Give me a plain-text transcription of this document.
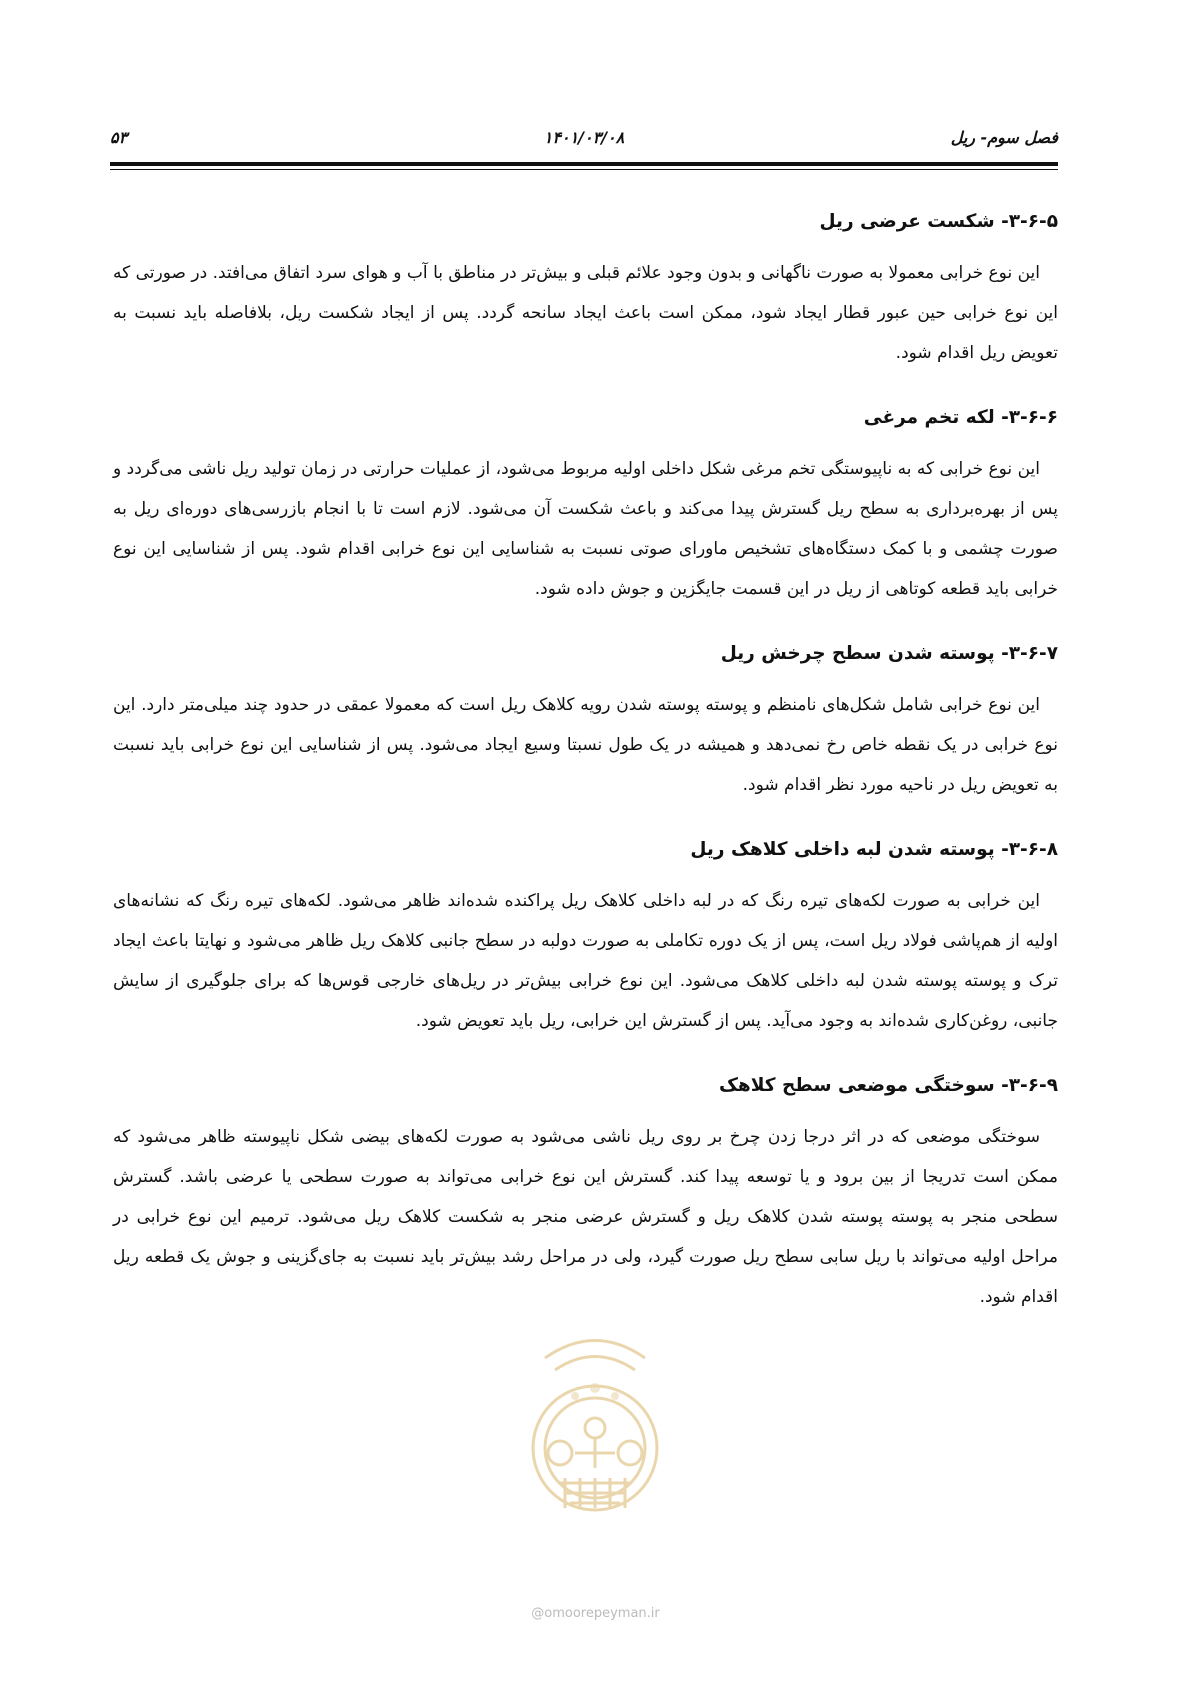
فصل سوم- ریل
۱۴۰۱/۰۳/۰۸
۵۳
۳-۶-۵- شکست عرضی ریل

این نوع خرابی معمولا به صورت ناگهانی و بدون وجود علائم قبلی و بیش‌تر در مناطق با آب و هوای سرد اتفاق می‌افتد. در صورتی که این نوع خرابی حین عبور قطار ایجاد شود، ممکن است باعث ایجاد سانحه گردد. پس از ایجاد شکست ریل، بلافاصله باید نسبت به تعویض ریل اقدام شود.

۳-۶-۶- لکه تخم مرغی

این نوع خرابی که به ناپیوستگی تخم مرغی شکل داخلی اولیه مربوط می‌شود، از عملیات حرارتی در زمان تولید ریل ناشی می‌گردد و پس از بهره‌برداری به سطح ریل گسترش پیدا می‌کند و باعث شکست آن می‌شود. لازم است تا با انجام بازرسی‌های دوره‌ای ریل به صورت چشمی و با کمک دستگاه‌های تشخیص ماورای صوتی نسبت به شناسایی این نوع خرابی اقدام شود. پس از شناسایی این نوع خرابی باید قطعه کوتاهی از ریل در این قسمت جایگزین و جوش داده شود.

۳-۶-۷- پوسته شدن سطح چرخش ریل

این نوع خرابی شامل شکل‌های نامنظم و پوسته پوسته شدن رویه کلاهک ریل است که معمولا عمقی در حدود چند میلی‌متر دارد. این نوع خرابی در یک نقطه خاص رخ نمی‌دهد و همیشه در یک طول نسبتا وسیع ایجاد می‌شود. پس از شناسایی این نوع خرابی باید نسبت به تعویض ریل در ناحیه مورد نظر اقدام شود.

۳-۶-۸- پوسته شدن لبه داخلی کلاهک ریل

این خرابی به صورت لکه‌های تیره رنگ که در لبه داخلی کلاهک ریل پراکنده شده‌اند ظاهر می‌شود. لکه‌های تیره رنگ که نشانه‌های اولیه از هم‌پاشی فولاد ریل است، پس از یک دوره تکاملی به صورت دولبه در سطح جانبی کلاهک ریل ظاهر می‌شود و نهایتا باعث ایجاد ترک و پوسته پوسته شدن لبه داخلی کلاهک می‌شود. این نوع خرابی بیش‌تر در ریل‌های خارجی قوس‌ها که برای جلوگیری از سایش جانبی، روغن‌کاری شده‌اند به وجود می‌آید. پس از گسترش این خرابی، ریل باید تعویض شود.

۳-۶-۹- سوختگی موضعی سطح کلاهک

سوختگی موضعی که در اثر درجا زدن چرخ بر روی ریل ناشی می‌شود به صورت لکه‌های بیضی شکل ناپیوسته ظاهر می‌شود که ممکن است تدریجا از بین برود و یا توسعه پیدا کند. گسترش این نوع خرابی می‌تواند به صورت سطحی یا عرضی باشد. گسترش سطحی منجر به پوسته پوسته شدن کلاهک ریل و گسترش عرضی منجر به شکست کلاهک ریل می‌شود. ترمیم این نوع خرابی در مراحل اولیه می‌تواند با ریل سابی سطح ریل صورت گیرد، ولی در مراحل رشد بیش‌تر باید نسبت به جای‌گزینی و جوش یک قطعه ریل اقدام شود.

@omoorepeyman.ir
